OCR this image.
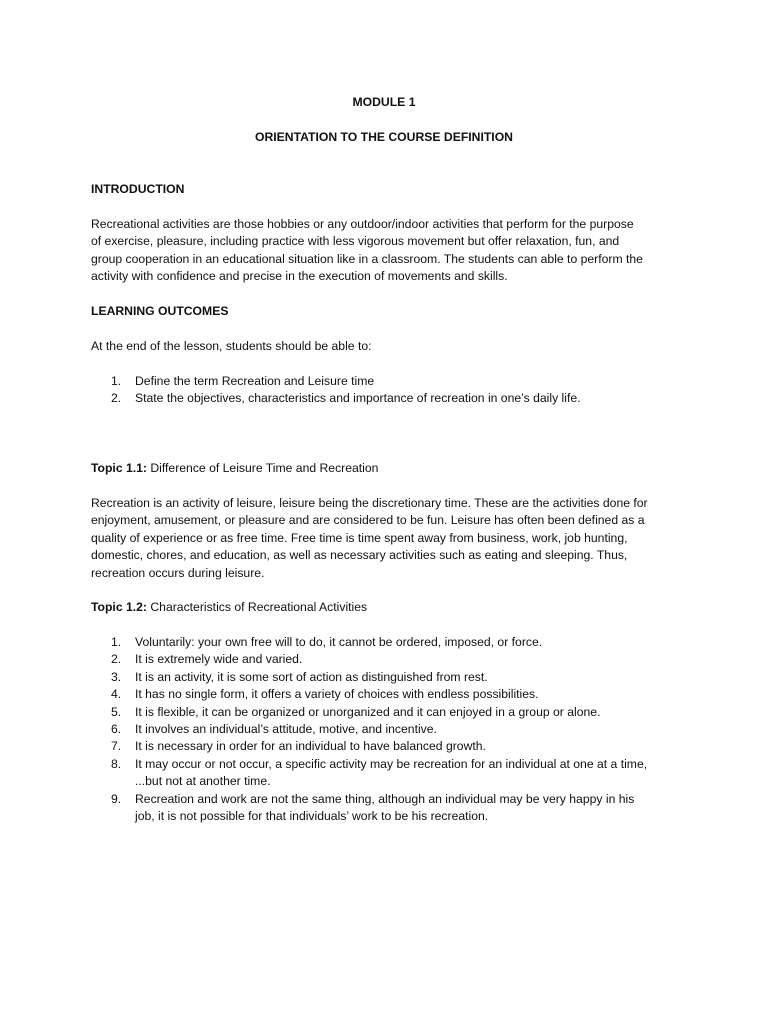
MODULE 1
ORIENTATION TO THE COURSE DEFINITION
INTRODUCTION
Recreational activities are those hobbies or any outdoor/indoor activities that perform for the purpose
of exercise, pleasure, including practice with less vigorous movement but offer relaxation, fun, and
group cooperation in an educational situation like in a classroom. The students can able to perform the
activity with confidence and precise in the execution of movements and skills.
LEARNING OUTCOMES
At the end of the lesson, students should be able to:
1.	Define the term Recreation and Leisure time
2.	State the objectives, characteristics and importance of recreation in one’s daily life.
Topic 1.1: Difference of Leisure Time and Recreation
Recreation is an activity of leisure, leisure being the discretionary time. These are the activities done for
enjoyment, amusement, or pleasure and are considered to be fun. Leisure has often been defined as a
quality of experience or as free time. Free time is time spent away from business, work, job hunting,
domestic, chores, and education, as well as necessary activities such as eating and sleeping. Thus,
recreation occurs during leisure.
Topic 1.2: Characteristics of Recreational Activities
1.	Voluntarily: your own free will to do, it cannot be ordered, imposed, or force.
2.	It is extremely wide and varied.
3.	It is an activity, it is some sort of action as distinguished from rest.
4.	It has no single form, it offers a variety of choices with endless possibilities.
5.	It is flexible, it can be organized or unorganized and it can enjoyed in a group or alone.
6.	It involves an individual’s attitude, motive, and incentive.
7.	It is necessary in order for an individual to have balanced growth.
8.	It may occur or not occur, a specific activity may be recreation for an individual at one at a time,
...but not at another time.
9.	Recreation and work are not the same thing, although an individual may be very happy in his
job, it is not possible for that individuals’ work to be his recreation.
